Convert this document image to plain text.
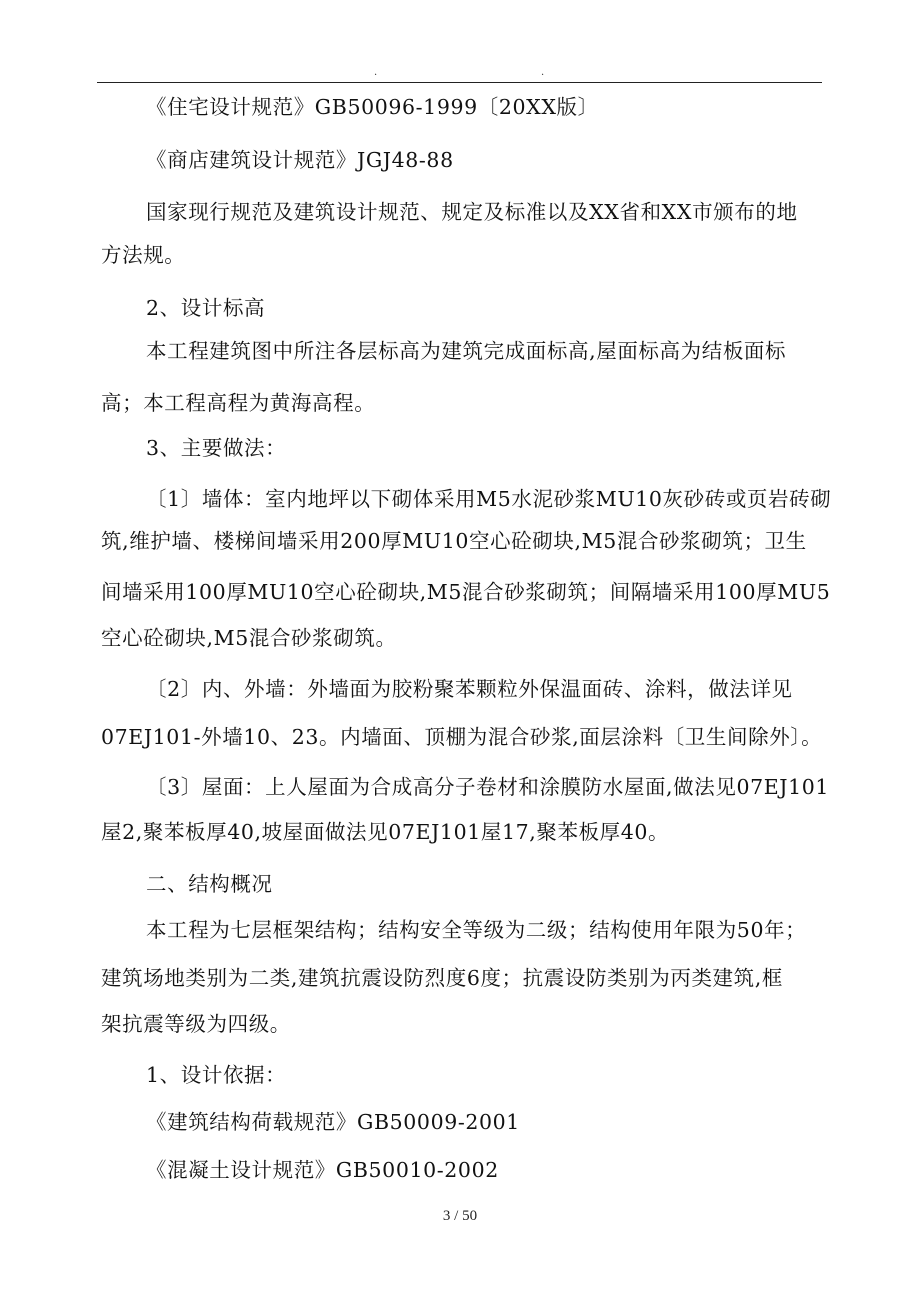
.	.
《住宅设计规范》GB50096-1999〔20XX版〕
《商店建筑设计规范》JGJ48-88
国家现行规范及建筑设计规范、规定及标准以及XX省和XX市颁布的地
方法规。
2、设计标高
本工程建筑图中所注各层标高为建筑完成面标高,屋面标高为结板面标
高；本工程高程为黄海高程。
3、主要做法：
〔1〕墙体：室内地坪以下砌体采用M5水泥砂浆MU10灰砂砖或页岩砖砌
筑,维护墙、楼梯间墙采用200厚MU10空心砼砌块,M5混合砂浆砌筑；卫生
间墙采用100厚MU10空心砼砌块,M5混合砂浆砌筑；间隔墙采用100厚MU5
空心砼砌块,M5混合砂浆砌筑。
〔2〕内、外墙：外墙面为胶粉聚苯颗粒外保温面砖、涂料，做法详见
07EJ101-外墙10、23。内墙面、顶棚为混合砂浆,面层涂料〔卫生间除外〕。
〔3〕屋面：上人屋面为合成高分子卷材和涂膜防水屋面,做法见07EJ101
屋2,聚苯板厚40,坡屋面做法见07EJ101屋17,聚苯板厚40。
二、结构概况
本工程为七层框架结构；结构安全等级为二级；结构使用年限为50年；
建筑场地类别为二类,建筑抗震设防烈度6度；抗震设防类别为丙类建筑,框
架抗震等级为四级。
1、设计依据：
《建筑结构荷载规范》GB50009-2001
《混凝土设计规范》GB50010-2002
3 / 50
